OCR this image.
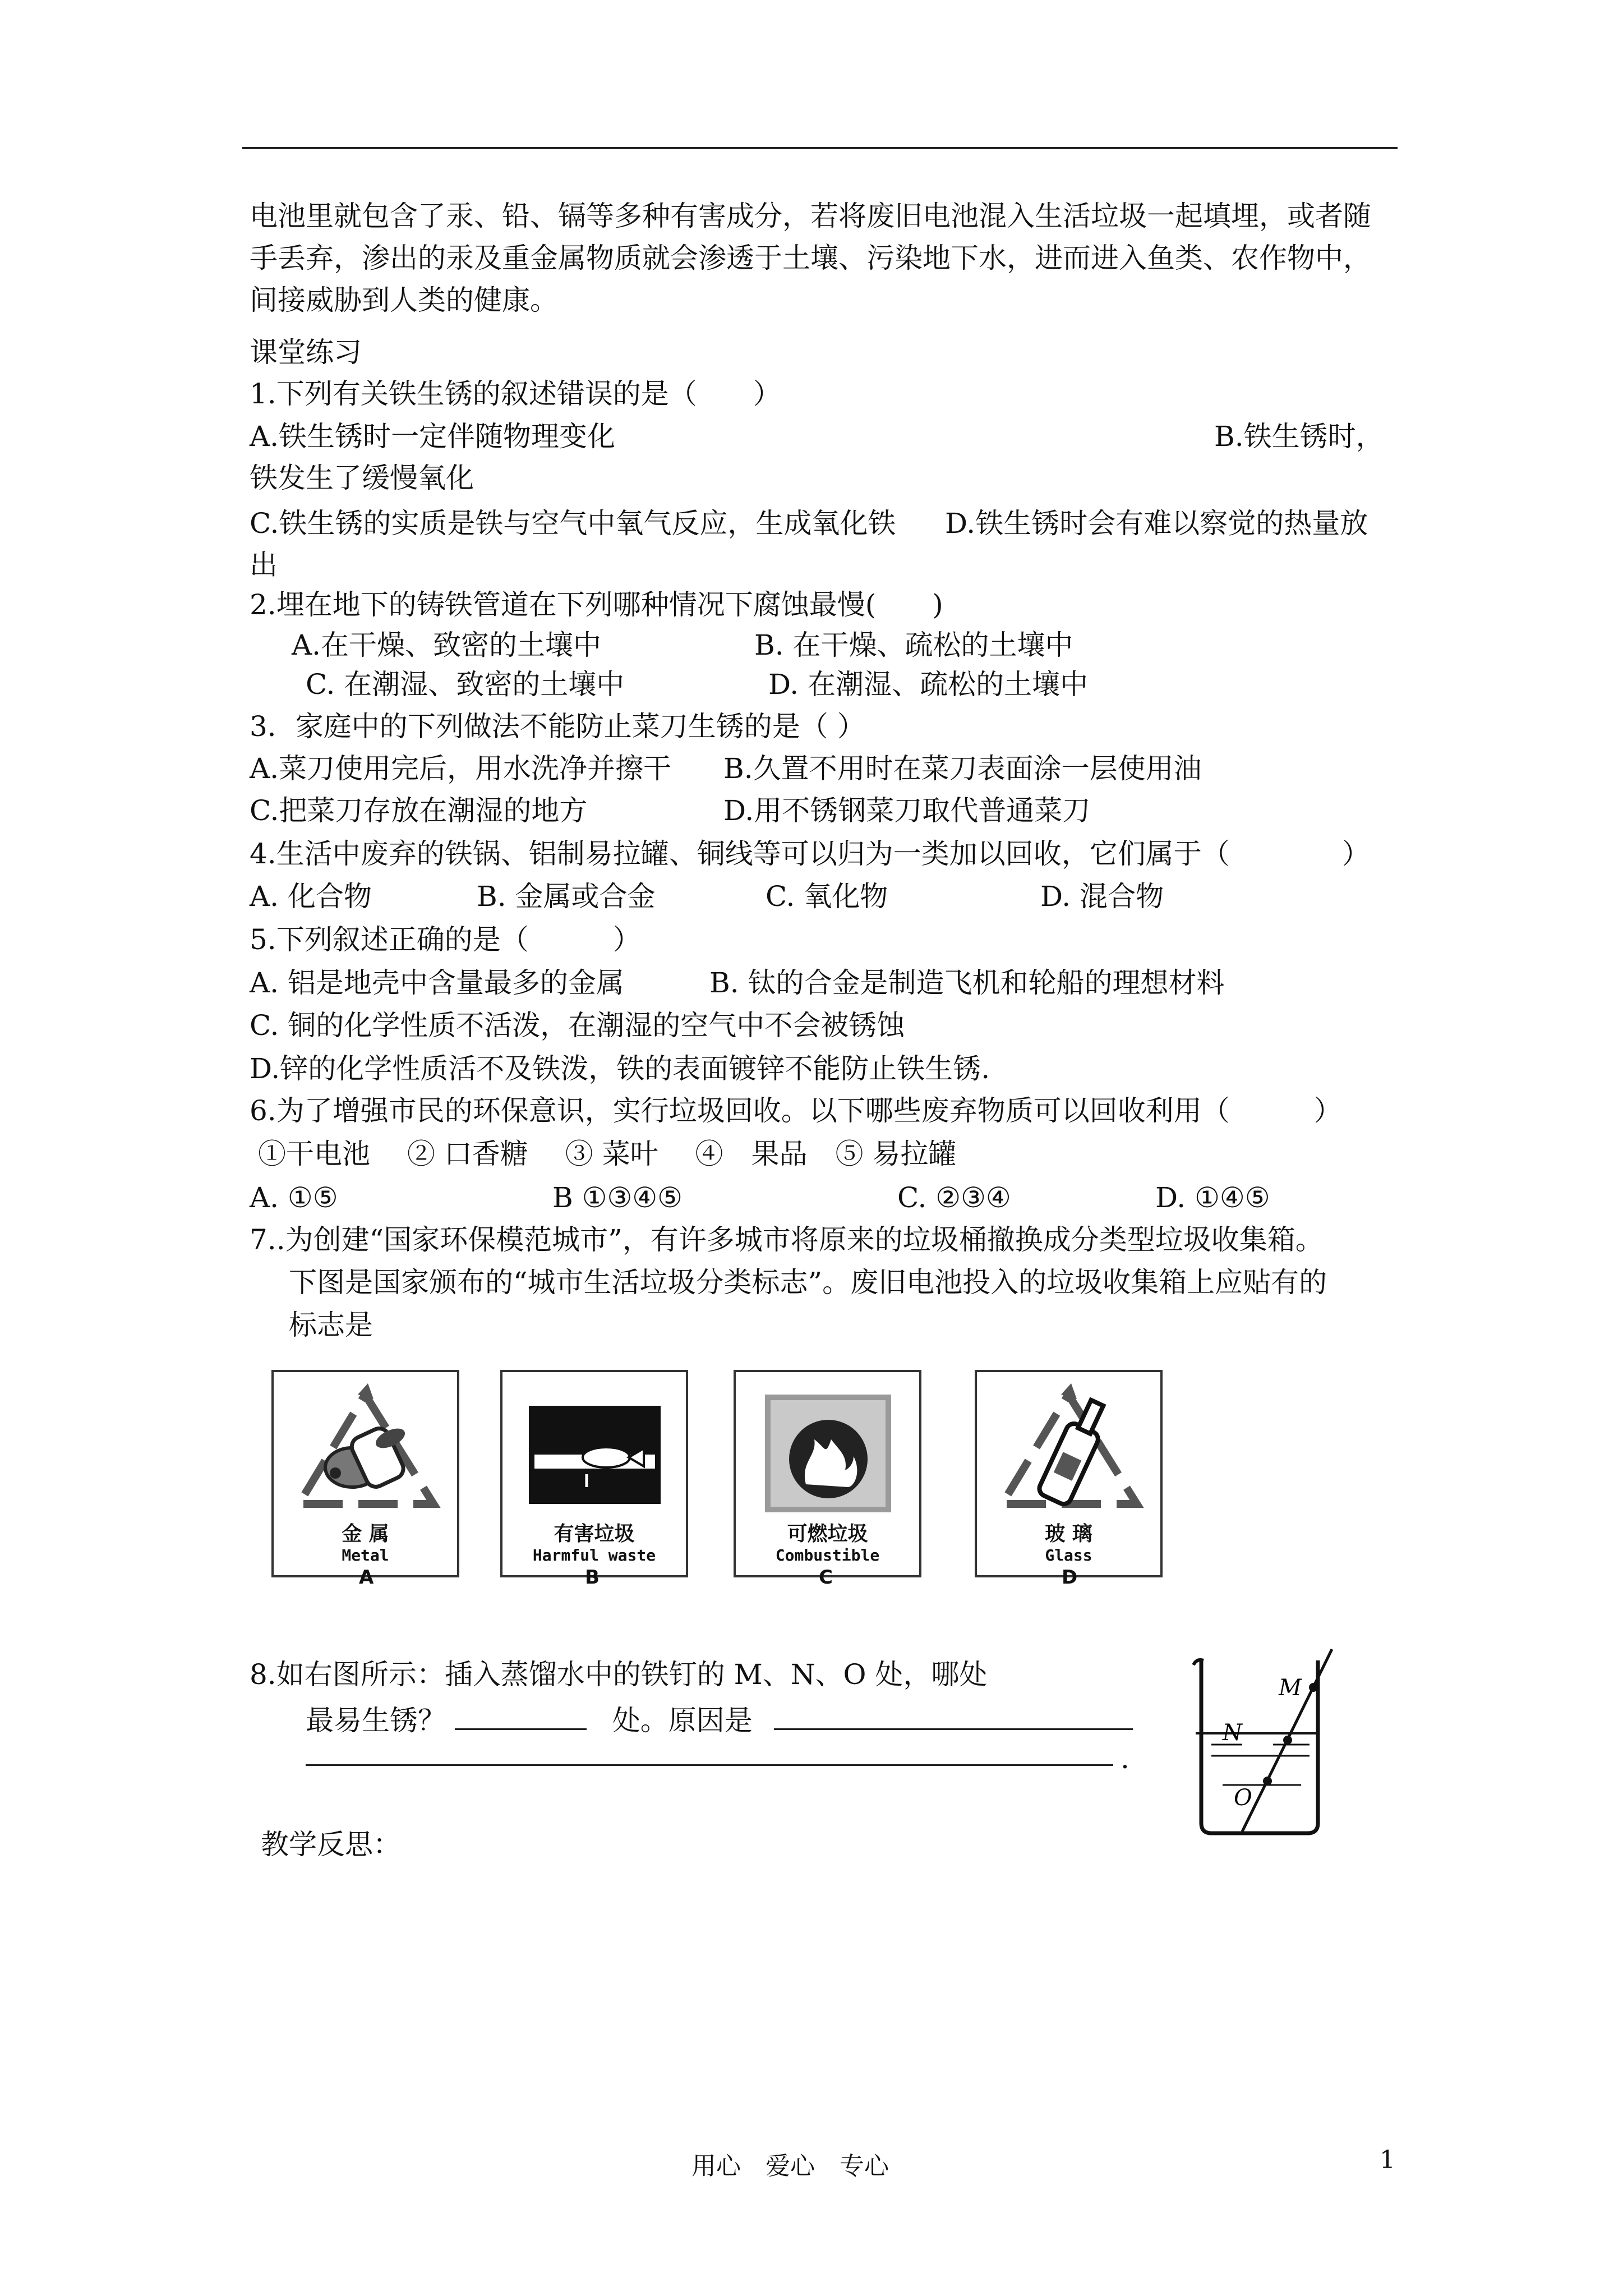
电池里就包含了汞、铅、镉等多种有害成分，若将废旧电池混入生活垃圾一起填埋，或者随
手丢弃，渗出的汞及重金属物质就会渗透于土壤、污染地下水，进而进入鱼类、农作物中，
间接威胁到人类的健康。
课堂练习
1.下列有关铁生锈的叙述错误的是（　　）
A.铁生锈时一定伴随物理变化	B.铁生锈时，
铁发生了缓慢氧化
C.铁生锈的实质是铁与空气中氧气反应，生成氧化铁 D.铁生锈时会有难以察觉的热量放
出
2.埋在地下的铸铁管道在下列哪种情况下腐蚀最慢(　　)
A.在干燥、致密的土壤中	B. 在干燥、疏松的土壤中
C. 在潮湿、致密的土壤中	D. 在潮湿、疏松的土壤中
3．家庭中的下列做法不能防止菜刀生锈的是（ ）
A.菜刀使用完后，用水洗净并擦干 B.久置不用时在菜刀表面涂一层使用油
C.把菜刀存放在潮湿的地方	D.用不锈钢菜刀取代普通菜刀
4.生活中废弃的铁锅、铝制易拉罐、铜线等可以归为一类加以回收，它们属于（　　　　）
A. 化合物	B. 金属或合金	C. 氧化物	D. 混合物
5.下列叙述正确的是（　　　）
A. 铝是地壳中含量最多的金属	B. 钛的合金是制造飞机和轮船的理想材料
C. 铜的化学性质不活泼，在潮湿的空气中不会被锈蚀
D.锌的化学性质活不及铁泼，铁的表面镀锌不能防止铁生锈.
6.为了增强市民的环保意识，实行垃圾回收。以下哪些废弃物质可以回收利用（　　　）
①干电池　 ② 口香糖　 ③ 菜叶　 ④　果品　⑤ 易拉罐
A. ①⑤	B ①③④⑤	C. ②③④	D. ①④⑤
7..为创建“国家环保模范城市”，有许多城市将原来的垃圾桶撤换成分类型垃圾收集箱。
下图是国家颁布的“城市生活垃圾分类标志”。废旧电池投入的垃圾收集箱上应贴有的
标志是
金 属
Metal
A
有害垃圾
Harmful waste
B
可燃垃圾
Combustible
C
玻 璃
Glass
D
8.如右图所示：插入蒸馏水中的铁钉的 M、N、O 处，哪处
最易生锈？	处。原因是
.
M
N
O
教学反思：
用心　爱心　专心	1
